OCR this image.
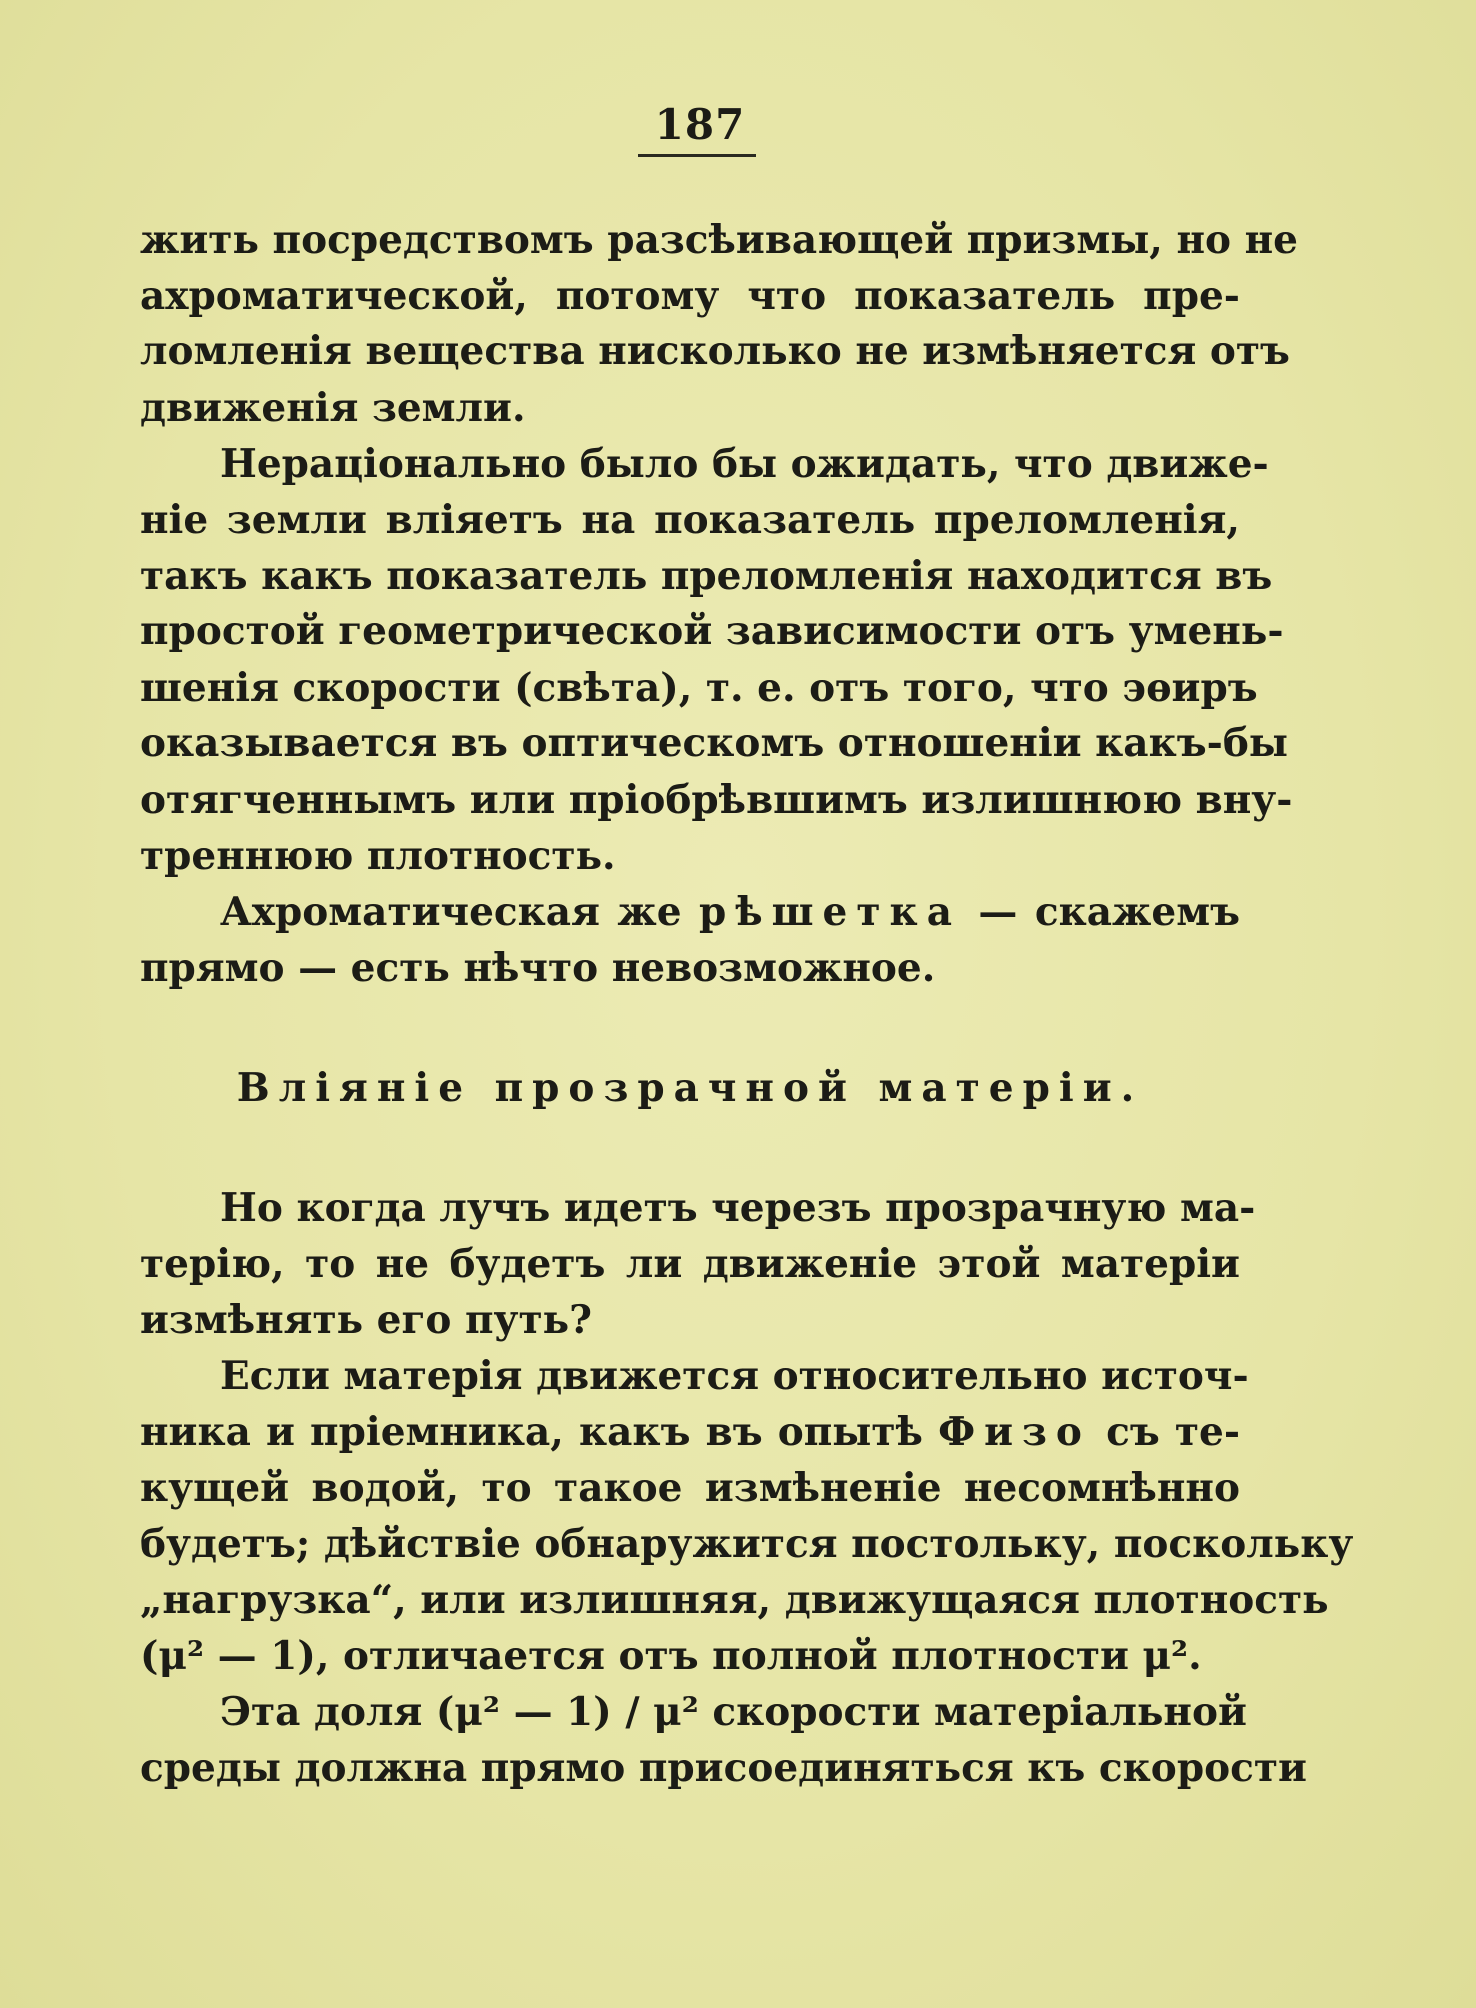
187
жить посредствомъ разсѣивающей призмы, но не
ахроматической, потому что показатель пре-
ломленія вещества нисколько не измѣняется отъ
движенія земли.
Нераціонально было бы ожидать, что движе-
ніе земли вліяетъ на показатель преломленія,
такъ какъ показатель преломленія находится въ
простой геометрической зависимости отъ умень-
шенія скорости (свѣта), т. е. отъ того, что эѳиръ
оказывается въ оптическомъ отношеніи какъ-бы
отягченнымъ или пріобрѣвшимъ излишнюю вну-
треннюю плотность.
Ахроматическая же рѣшетка — скажемъ
прямо — есть нѣчто невозможное.
Вліяніе прозрачной матеріи.
Но когда лучъ идетъ черезъ прозрачную ма-
терію, то не будетъ ли движеніе этой матеріи
измѣнять его путь?
Если матерія движется относительно источ-
ника и пріемника, какъ въ опытѣ Физо съ те-
кущей водой, то такое измѣненіе несомнѣнно
будетъ; дѣйствіе обнаружится постольку, поскольку
„нагрузка“, или излишняя, движущаяся плотность
(μ² — 1), отличается отъ полной плотности μ².
Эта доля (μ² — 1) / μ² скорости матеріальной
среды должна прямо присоединяться къ скорости
